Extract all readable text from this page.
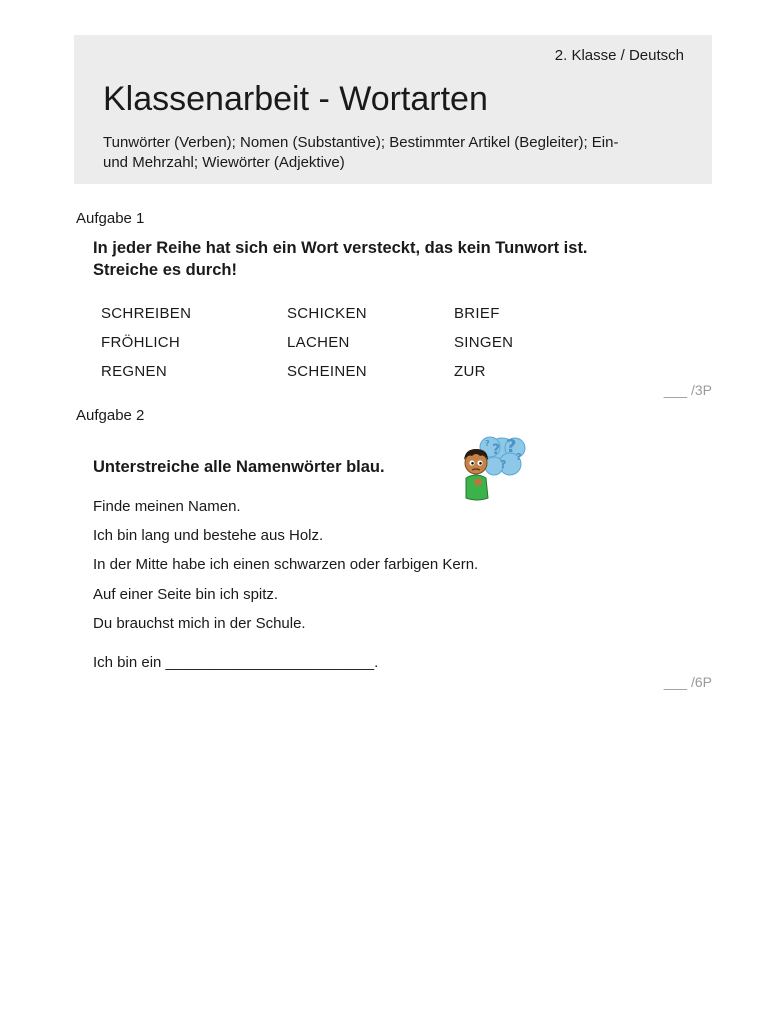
2. Klasse / Deutsch
Klassenarbeit - Wortarten
Tunwörter (Verben); Nomen (Substantive); Bestimmter Artikel (Begleiter); Ein-
und Mehrzahl; Wiewörter (Adjektive)
Aufgabe 1
In jeder Reihe hat sich ein Wort versteckt, das kein Tunwort ist.
Streiche es durch!
SCHREIBEN	SCHICKEN	BRIEF
FRÖHLICH	LACHEN	SINGEN
REGNEN	SCHEINEN	ZUR
___ /3P
Aufgabe 2
Unterstreiche alle Namenwörter blau.
? ?
?
?
?
Finde meinen Namen.
Ich bin lang und bestehe aus Holz.
In der Mitte habe ich einen schwarzen oder farbigen Kern.
Auf einer Seite bin ich spitz.
Du brauchst mich in der Schule.
Ich bin ein _________________________.
___ /6P
